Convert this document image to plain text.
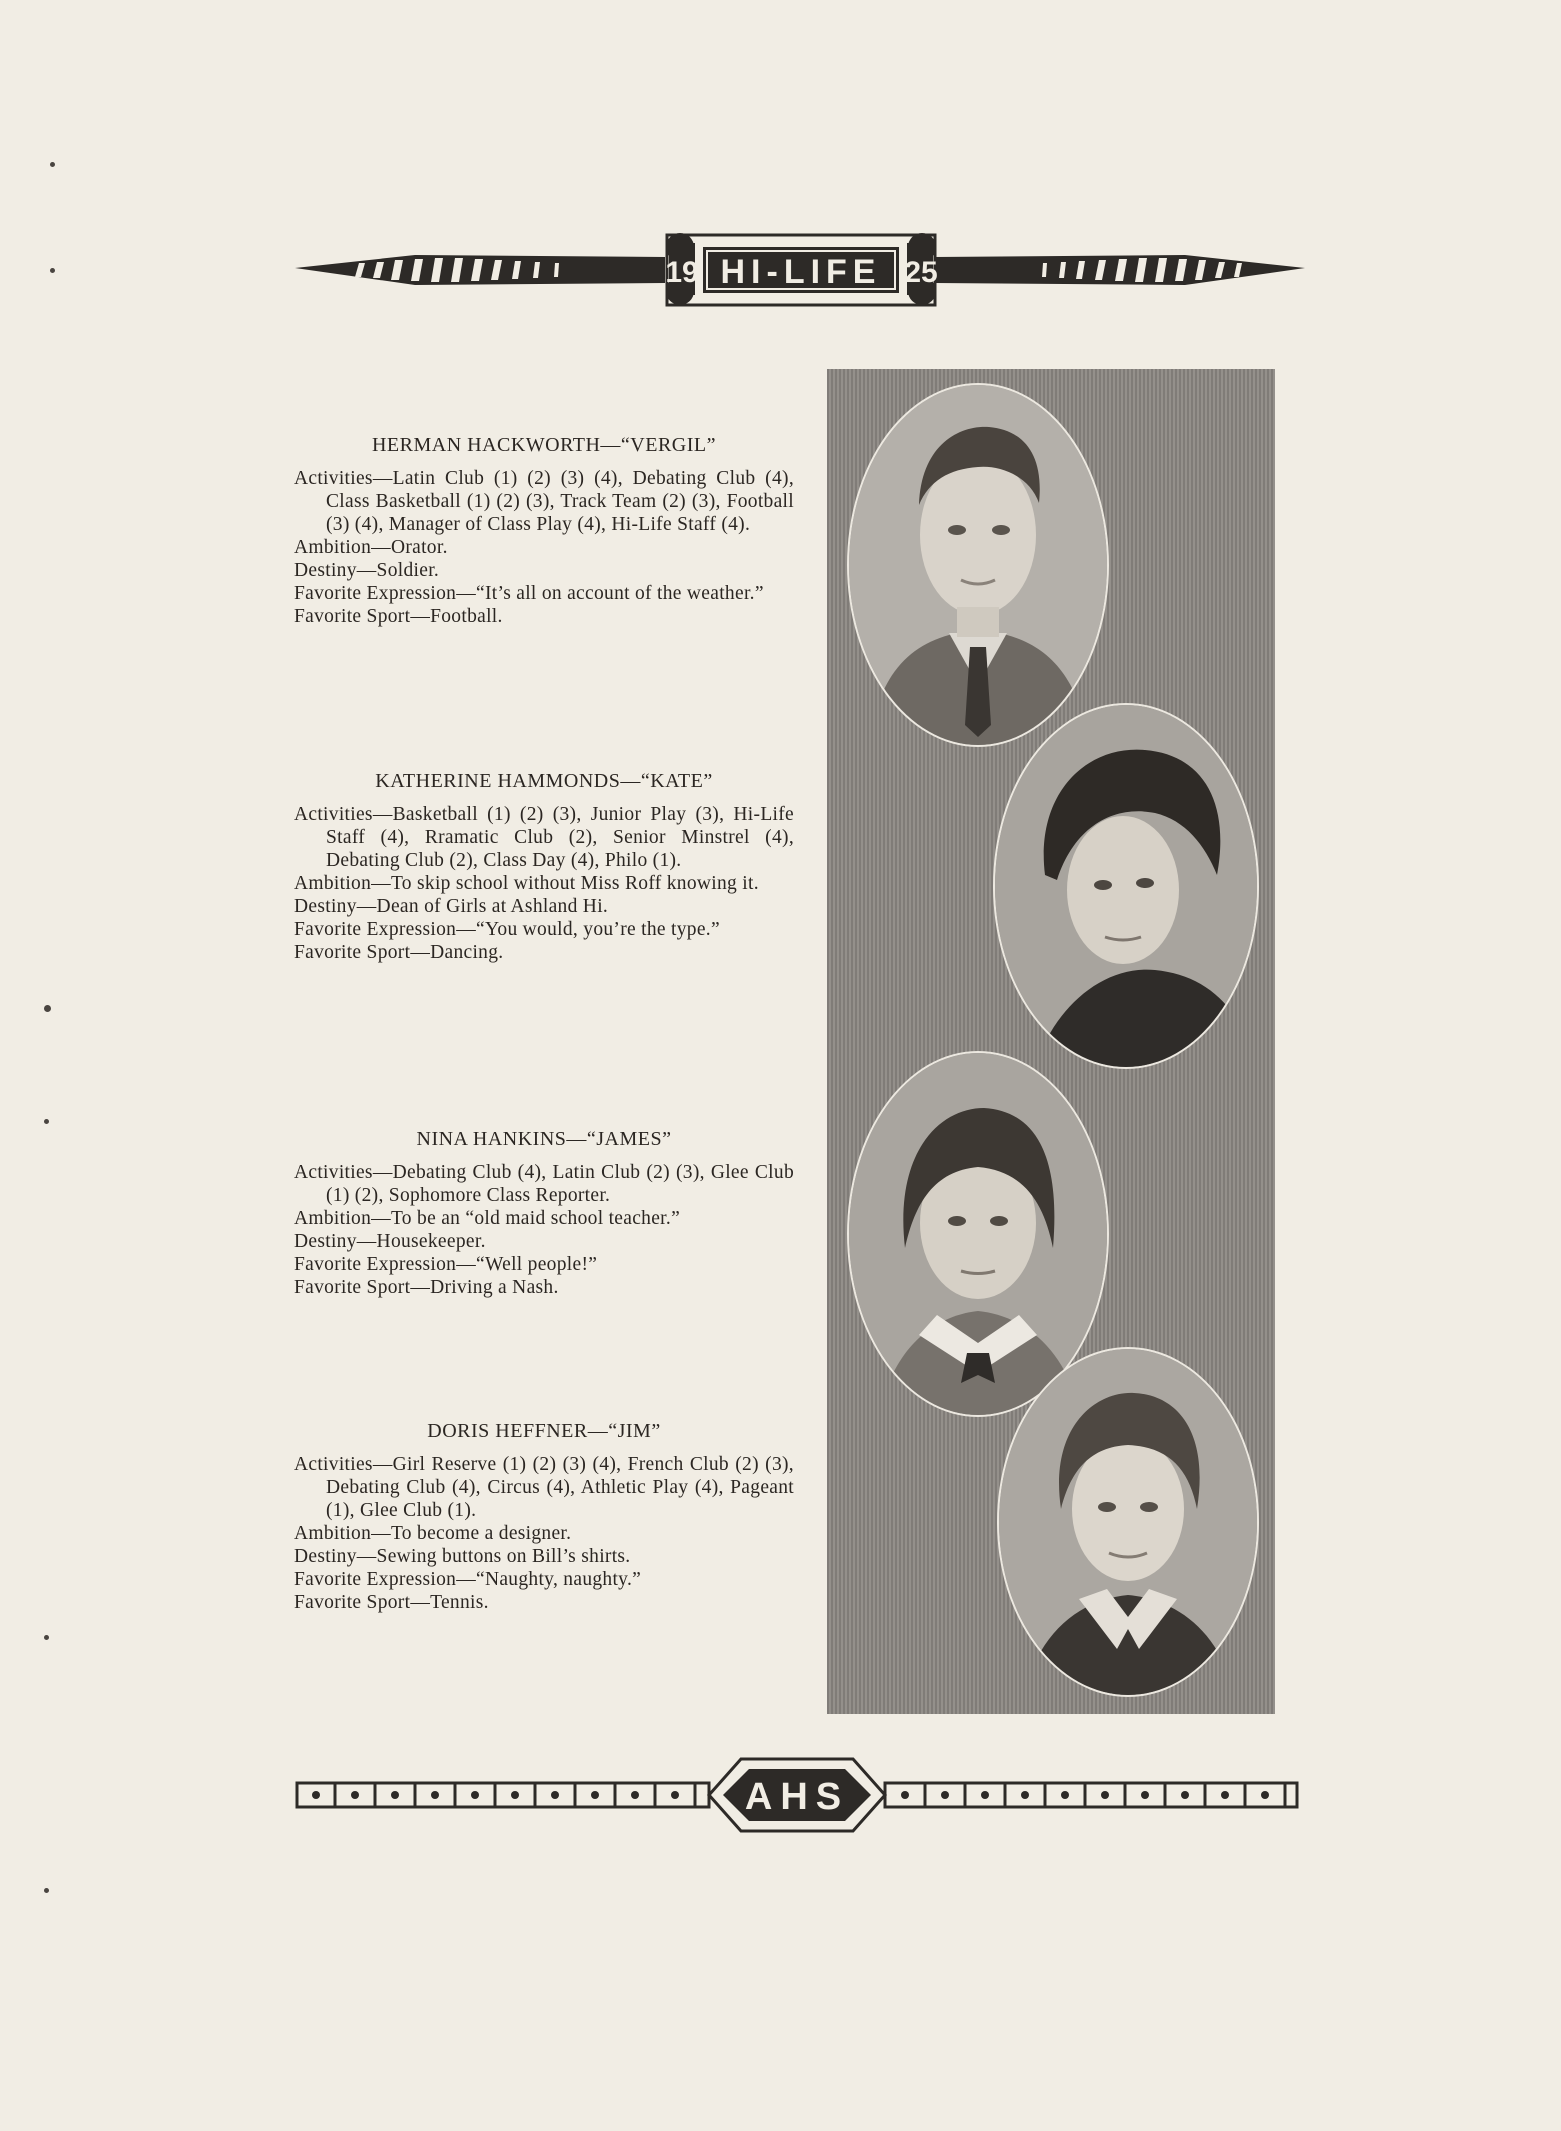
19 HI-LIFE 25

HERMAN HACKWORTH—“VERGIL”

Activities—Latin Club (1) (2) (3) (4), Debating Club (4), Class Basketball (1) (2) (3), Track Team (2) (3), Football (3) (4), Manager of Class Play (4), Hi-Life Staff (4).

Ambition—Orator.

Destiny—Soldier.

Favorite Expression—“It’s all on account of the weather.”

Favorite Sport—Football.

KATHERINE HAMMONDS—“KATE”

Activities—Basketball (1) (2) (3), Junior Play (3), Hi-Life Staff (4), Rramatic Club (2), Senior Minstrel (4), Debating Club (2), Class Day (4), Philo (1).

Ambition—To skip school without Miss Roff knowing it.

Destiny—Dean of Girls at Ashland Hi.

Favorite Expression—“You would, you’re the type.”

Favorite Sport—Dancing.

NINA HANKINS—“JAMES”

Activities—Debating Club (4), Latin Club (2) (3), Glee Club (1) (2), Sophomore Class Reporter.

Ambition—To be an “old maid school teacher.”

Destiny—Housekeeper.

Favorite Expression—“Well people!”

Favorite Sport—Driving a Nash.

DORIS HEFFNER—“JIM”

Activities—Girl Reserve (1) (2) (3) (4), French Club (2) (3), Debating Club (4), Circus (4), Athletic Play (4), Pageant (1), Glee Club (1).

Ambition—To become a designer.

Destiny—Sewing buttons on Bill’s shirts.

Favorite Expression—“Naughty, naughty.”

Favorite Sport—Tennis.

AHS
